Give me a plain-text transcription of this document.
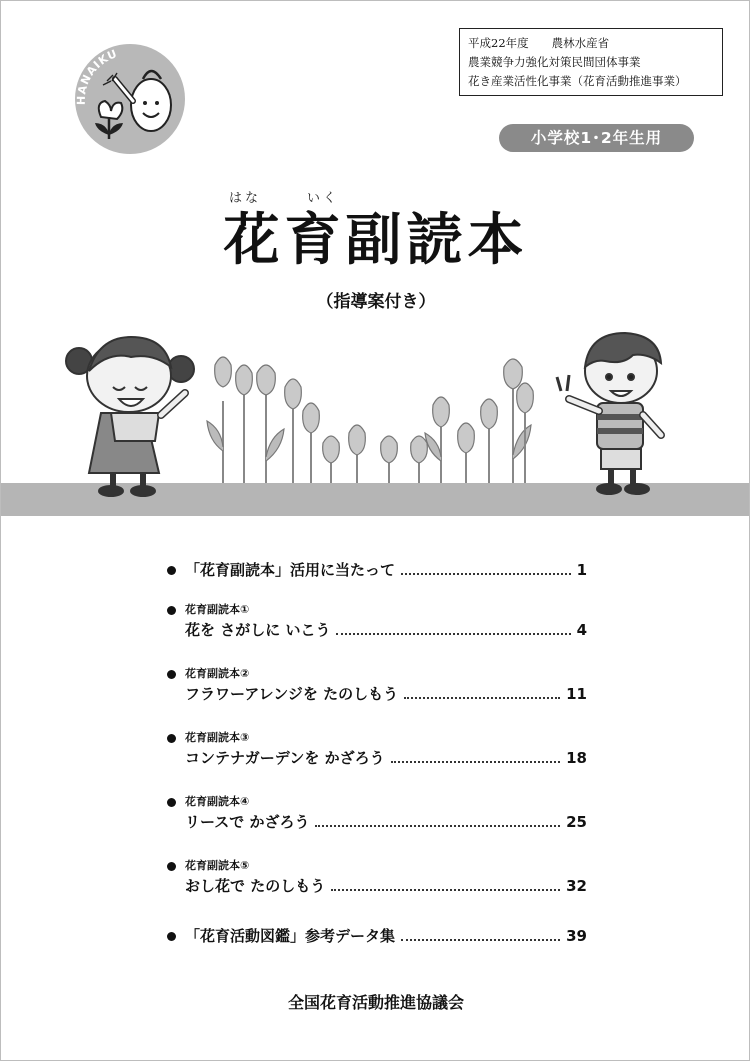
HANAIKU
平成22年度　　農林水産省
農業競争力強化対策民間団体事業
花き産業活性化事業（花育活動推進事業）
小学校1･2年生用
はな	いく
花育副読本
（指導案付き）
「花育副読本」活用に当たって	1
花育副読本①
花を さがしに いこう	4
花育副読本②
フラワーアレンジを たのしもう	11
花育副読本③
コンテナガーデンを かざろう	18
花育副読本④
リースで かざろう	25
花育副読本⑤
おし花で たのしもう	32
「花育活動図鑑」参考データ集	39
全国花育活動推進協議会
